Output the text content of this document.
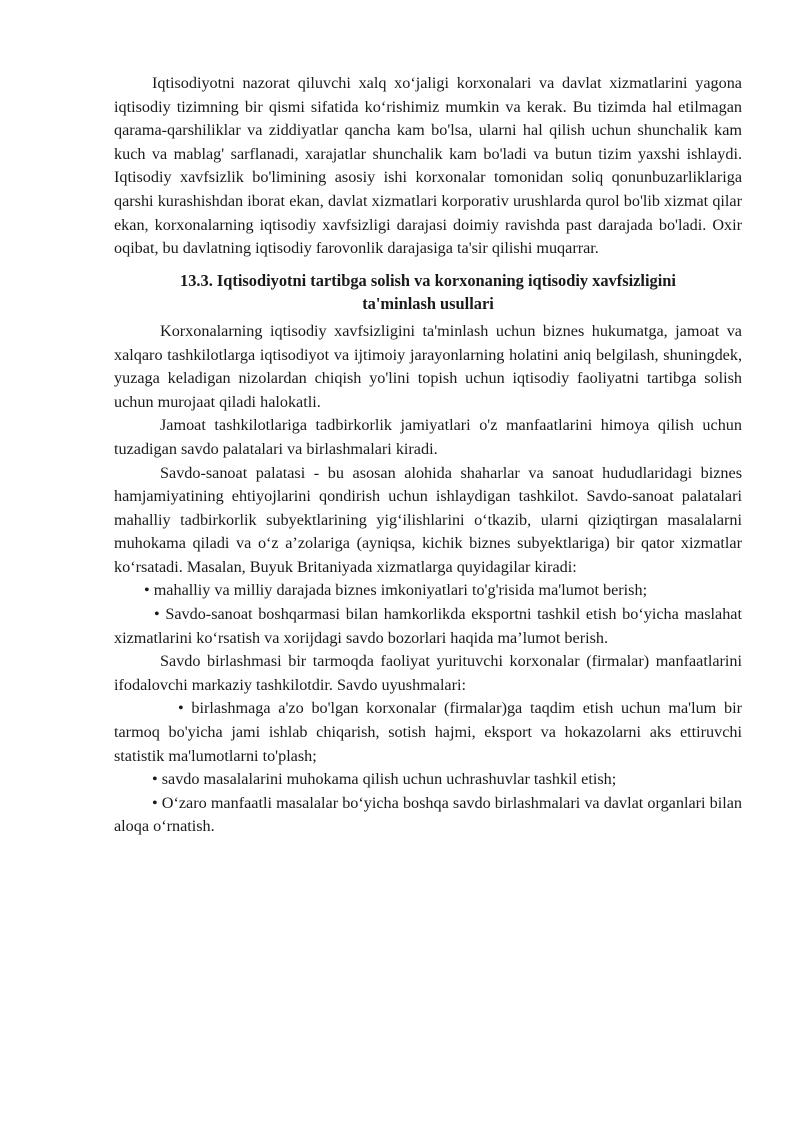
Iqtisodiyotni nazorat qiluvchi xalq xo‘jaligi korxonalari va davlat xizmatlarini yagona iqtisodiy tizimning bir qismi sifatida ko‘rishimiz mumkin va kerak. Bu tizimda hal etilmagan qarama-qarshiliklar va ziddiyatlar qancha kam bo'lsa, ularni hal qilish uchun shunchalik kam kuch va mablag' sarflanadi, xarajatlar shunchalik kam bo'ladi va butun tizim yaxshi ishlaydi. Iqtisodiy xavfsizlik bo'limining asosiy ishi korxonalar tomonidan soliq qonunbuzarliklariga qarshi kurashishdan iborat ekan, davlat xizmatlari korporativ urushlarda qurol bo'lib xizmat qilar ekan, korxonalarning iqtisodiy xavfsizligi darajasi doimiy ravishda past darajada bo'ladi. Oxir oqibat, bu davlatning iqtisodiy farovonlik darajasiga ta'sir qilishi muqarrar.

13.3. Iqtisodiyotni tartibga solish va korxonaning iqtisodiy xavfsizligini
ta'minlash usullari

Korxonalarning iqtisodiy xavfsizligini ta'minlash uchun biznes hukumatga, jamoat va xalqaro tashkilotlarga iqtisodiyot va ijtimoiy jarayonlarning holatini aniq belgilash, shuningdek, yuzaga keladigan nizolardan chiqish yo'lini topish uchun iqtisodiy faoliyatni tartibga solish uchun murojaat qiladi halokatli.

Jamoat tashkilotlariga tadbirkorlik jamiyatlari o'z manfaatlarini himoya qilish uchun tuzadigan savdo palatalari va birlashmalari kiradi.

Savdo-sanoat palatasi - bu asosan alohida shaharlar va sanoat hududlaridagi biznes hamjamiyatining ehtiyojlarini qondirish uchun ishlaydigan tashkilot. Savdo-sanoat palatalari mahalliy tadbirkorlik subyektlarining yig‘ilishlarini o‘tkazib, ularni qiziqtirgan masalalarni muhokama qiladi va o‘z a’zolariga (ayniqsa, kichik biznes subyektlariga) bir qator xizmatlar ko‘rsatadi. Masalan, Buyuk Britaniyada xizmatlarga quyidagilar kiradi:

• mahalliy va milliy darajada biznes imkoniyatlari to'g'risida ma'lumot berish;

• Savdo-sanoat boshqarmasi bilan hamkorlikda eksportni tashkil etish bo‘yicha maslahat xizmatlarini ko‘rsatish va xorijdagi savdo bozorlari haqida ma’lumot berish.

Savdo birlashmasi bir tarmoqda faoliyat yurituvchi korxonalar (firmalar) manfaatlarini ifodalovchi markaziy tashkilotdir. Savdo uyushmalari:

• birlashmaga a'zo bo'lgan korxonalar (firmalar)ga taqdim etish uchun ma'lum bir tarmoq bo'yicha jami ishlab chiqarish, sotish hajmi, eksport va hokazolarni aks ettiruvchi statistik ma'lumotlarni to'plash;

• savdo masalalarini muhokama qilish uchun uchrashuvlar tashkil etish;

• O‘zaro manfaatli masalalar bo‘yicha boshqa savdo birlashmalari va davlat organlari bilan aloqa o‘rnatish.
